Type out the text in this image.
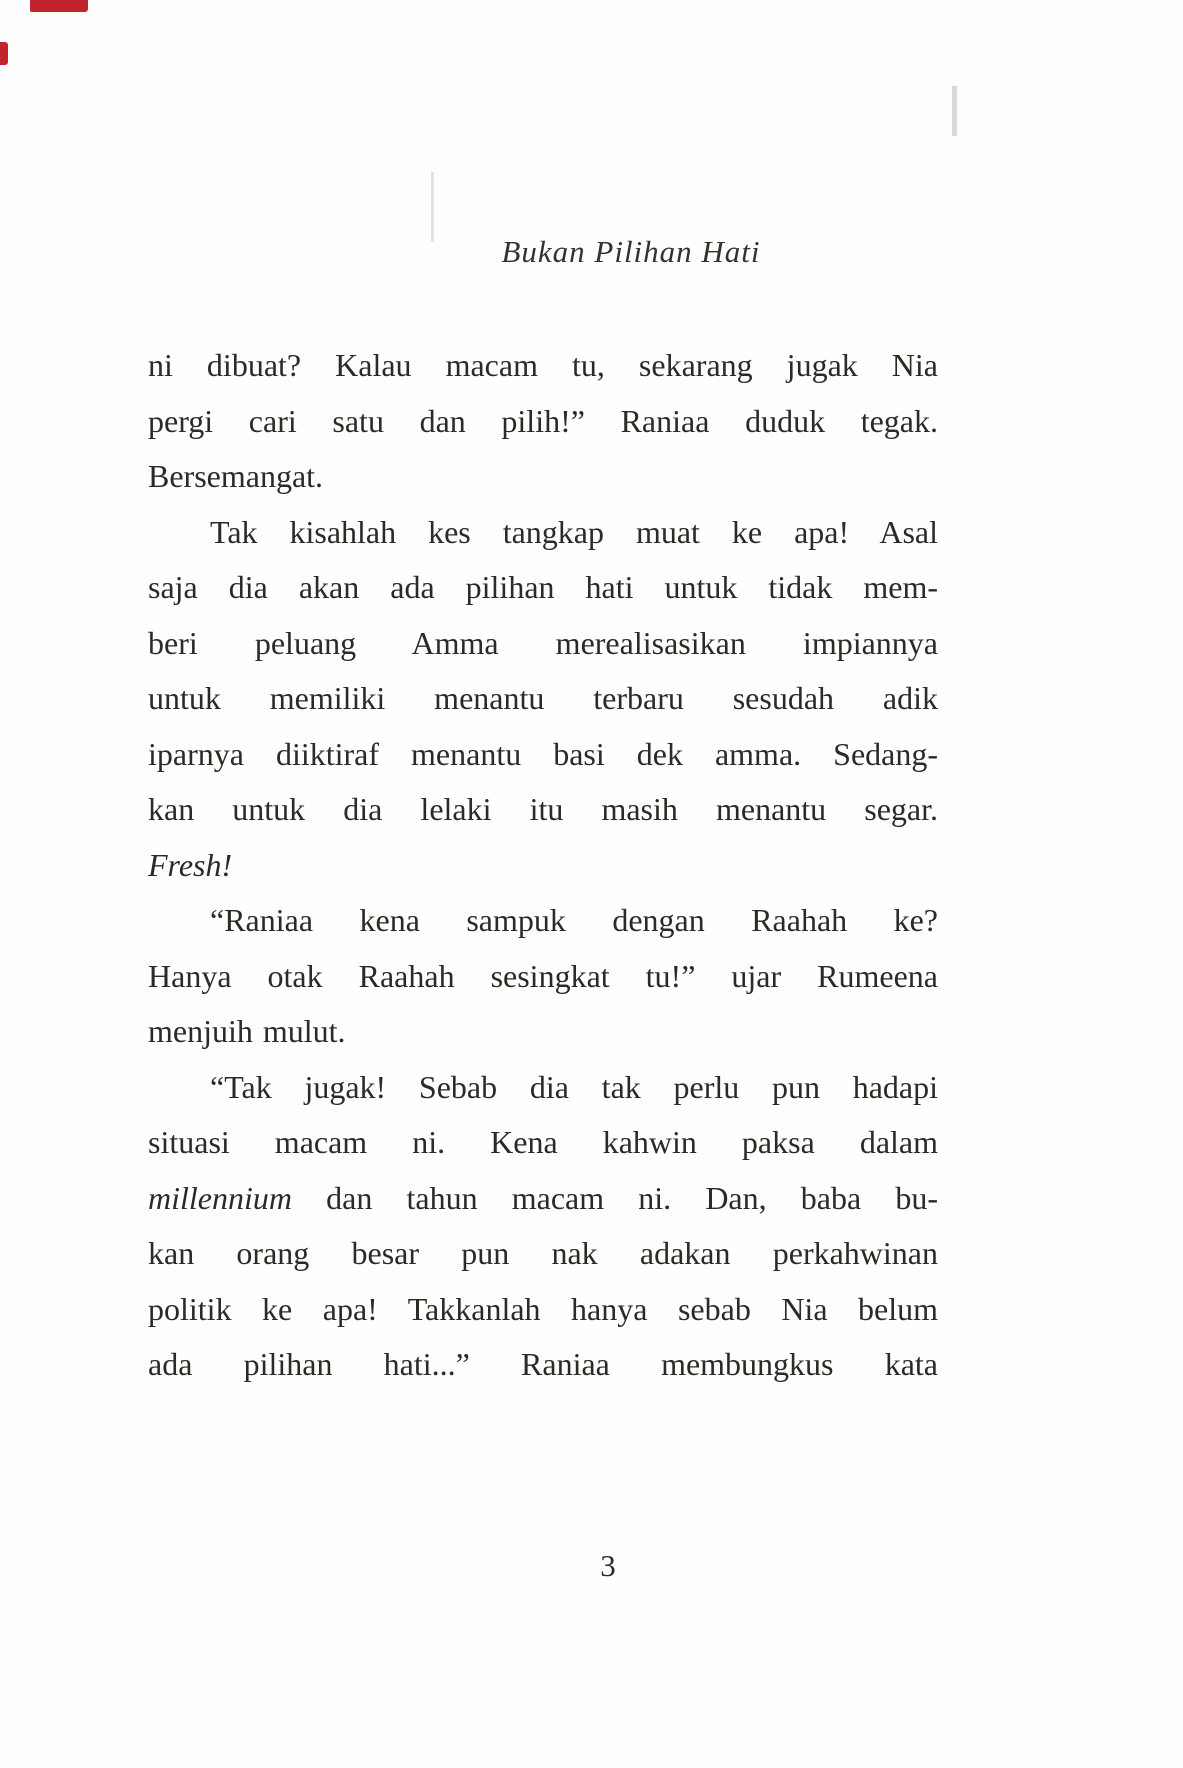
Bukan Pilihan Hati
ni dibuat? Kalau macam tu, sekarang jugak Nia
pergi cari satu dan pilih!” Raniaa duduk tegak.
Bersemangat.
Tak kisahlah kes tangkap muat ke apa! Asal
saja dia akan ada pilihan hati untuk tidak mem-
beri peluang Amma merealisasikan impiannya
untuk memiliki menantu terbaru sesudah adik
iparnya diiktiraf menantu basi dek amma. Sedang-
kan untuk dia lelaki itu masih menantu segar.
Fresh!
“Raniaa kena sampuk dengan Raahah ke?
Hanya otak Raahah sesingkat tu!” ujar Rumeena
menjuih mulut.
“Tak jugak! Sebab dia tak perlu pun hadapi
situasi macam ni. Kena kahwin paksa dalam
millennium dan tahun macam ni. Dan, baba bu-
kan orang besar pun nak adakan perkahwinan
politik ke apa! Takkanlah hanya sebab Nia belum
ada pilihan hati...” Raniaa membungkus kata
3
